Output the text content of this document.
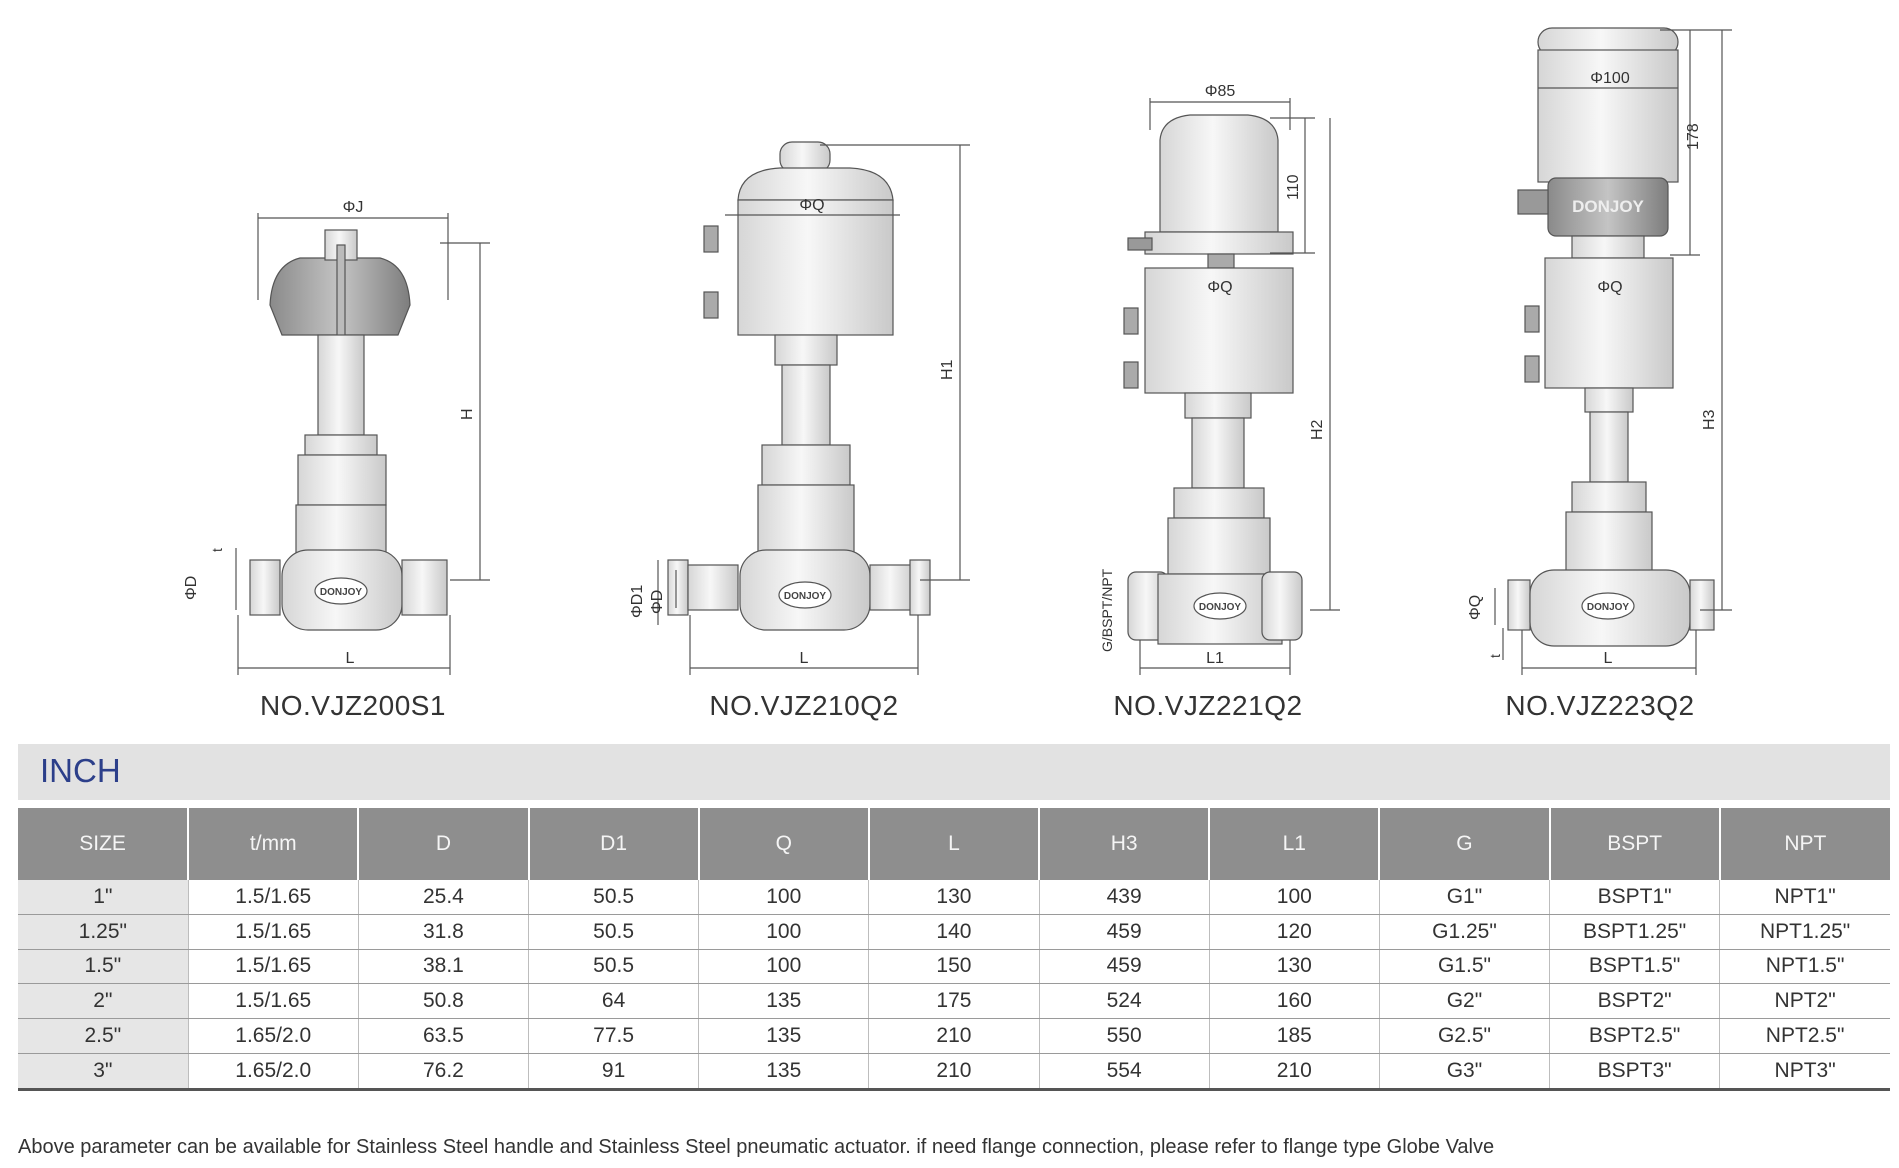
DONJOY
ΦJ
H
ΦD
t
L
DONJOY
ΦQ
H1
ΦD1 ΦD
L
DONJOY
Φ85
110
ΦQ
H2
G/BSPT/NPT
L1
DONJOY
DONJOY
Φ100
178
ΦQ
H3
ΦQ
t	L
NO.VJZ200S1	NO.VJZ210Q2	NO.VJZ221Q2	NO.VJZ223Q2
INCH
SIZE	t/mm	D	D1	Q	L	H3	L1	G	BSPT	NPT
1"	1.5/1.65	25.4	50.5	100	130	439	100	G1"	BSPT1"	NPT1"
1.25"	1.5/1.65	31.8	50.5	100	140	459	120	G1.25"	BSPT1.25"	NPT1.25"
1.5"	1.5/1.65	38.1	50.5	100	150	459	130	G1.5"	BSPT1.5"	NPT1.5"
2"	1.5/1.65	50.8	64	135	175	524	160	G2"	BSPT2"	NPT2"
2.5"	1.65/2.0	63.5	77.5	135	210	550	185	G2.5"	BSPT2.5"	NPT2.5"
3"	1.65/2.0	76.2	91	135	210	554	210	G3"	BSPT3"	NPT3"
Above parameter can be available for Stainless Steel handle and Stainless Steel pneumatic actuator. if need flange connection, please refer to flange type Globe Valve
